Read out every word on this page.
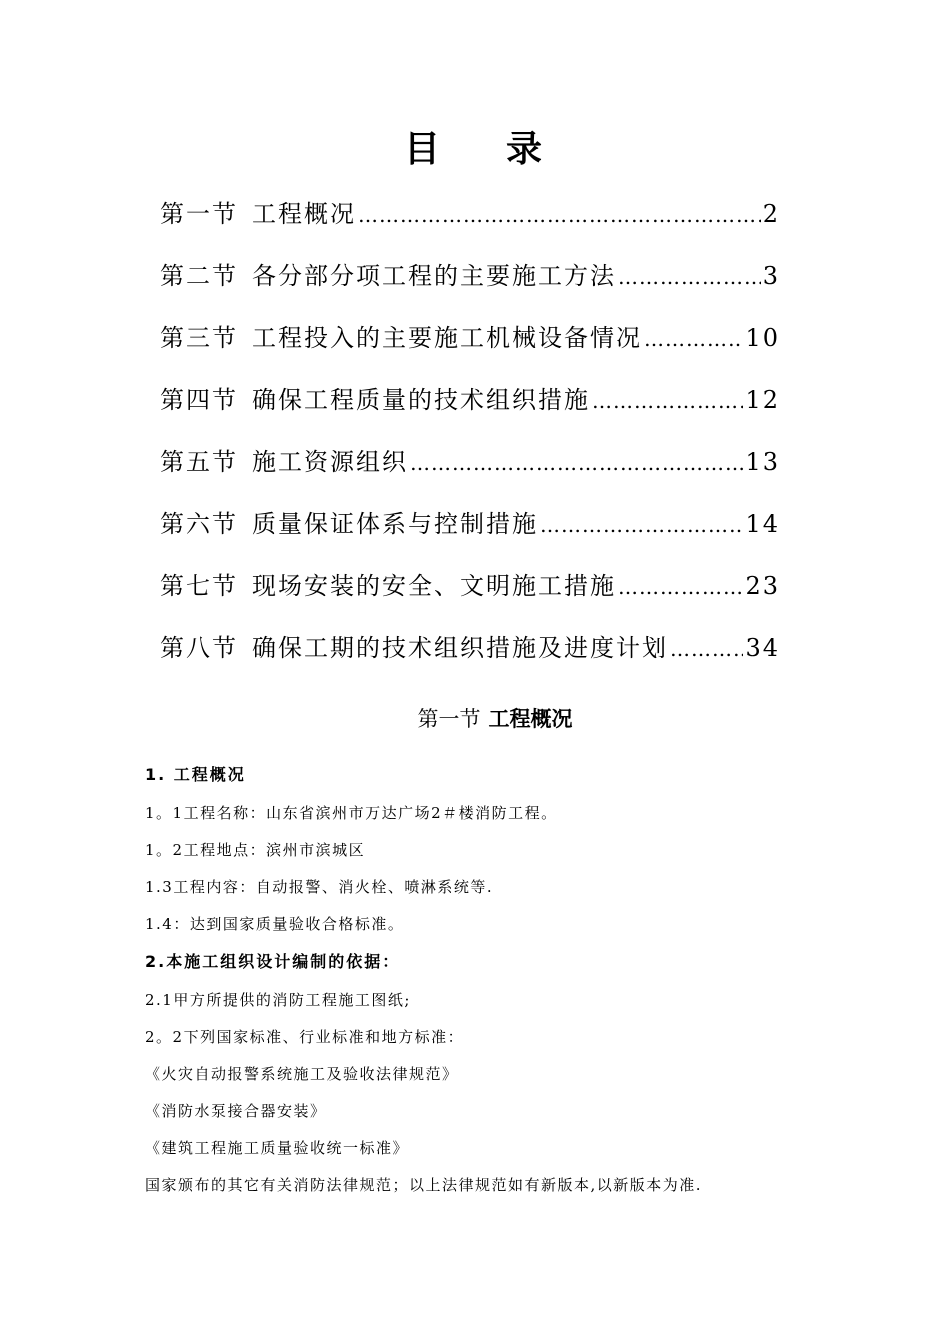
目 录
第一节 工程概况 …………………………………………………………………………………………………………………………	2
第二节 各分部分项工程的主要施工方法 …………………………………………………………………………………………………………………………	3
第三节 工程投入的主要施工机械设备情况 …………………………………………………………………………………………………………………………	10
第四节 确保工程质量的技术组织措施 …………………………………………………………………………………………………………………………	12
第五节 施工资源组织 …………………………………………………………………………………………………………………………	13
第六节 质量保证体系与控制措施 …………………………………………………………………………………………………………………………	14
第七节 现场安装的安全、文明施工措施 …………………………………………………………………………………………………………………………	23
第八节 确保工期的技术组织措施及进度计划 …………………………………………………………………………………………………………………………	34
第一节 工程概况
1. 工程概况
1。1工程名称：山东省滨州市万达广场2＃楼消防工程。
1。2工程地点：滨州市滨城区
1.3工程内容：自动报警、消火栓、喷淋系统等.
1.4：达到国家质量验收合格标准。
2.本施工组织设计编制的依据：
2.1甲方所提供的消防工程施工图纸;
2。2下列国家标准、行业标准和地方标准：
《火灾自动报警系统施工及验收法律规范》
《消防水泵接合器安装》
《建筑工程施工质量验收统一标准》
国家颁布的其它有关消防法律规范；以上法律规范如有新版本,以新版本为准.
